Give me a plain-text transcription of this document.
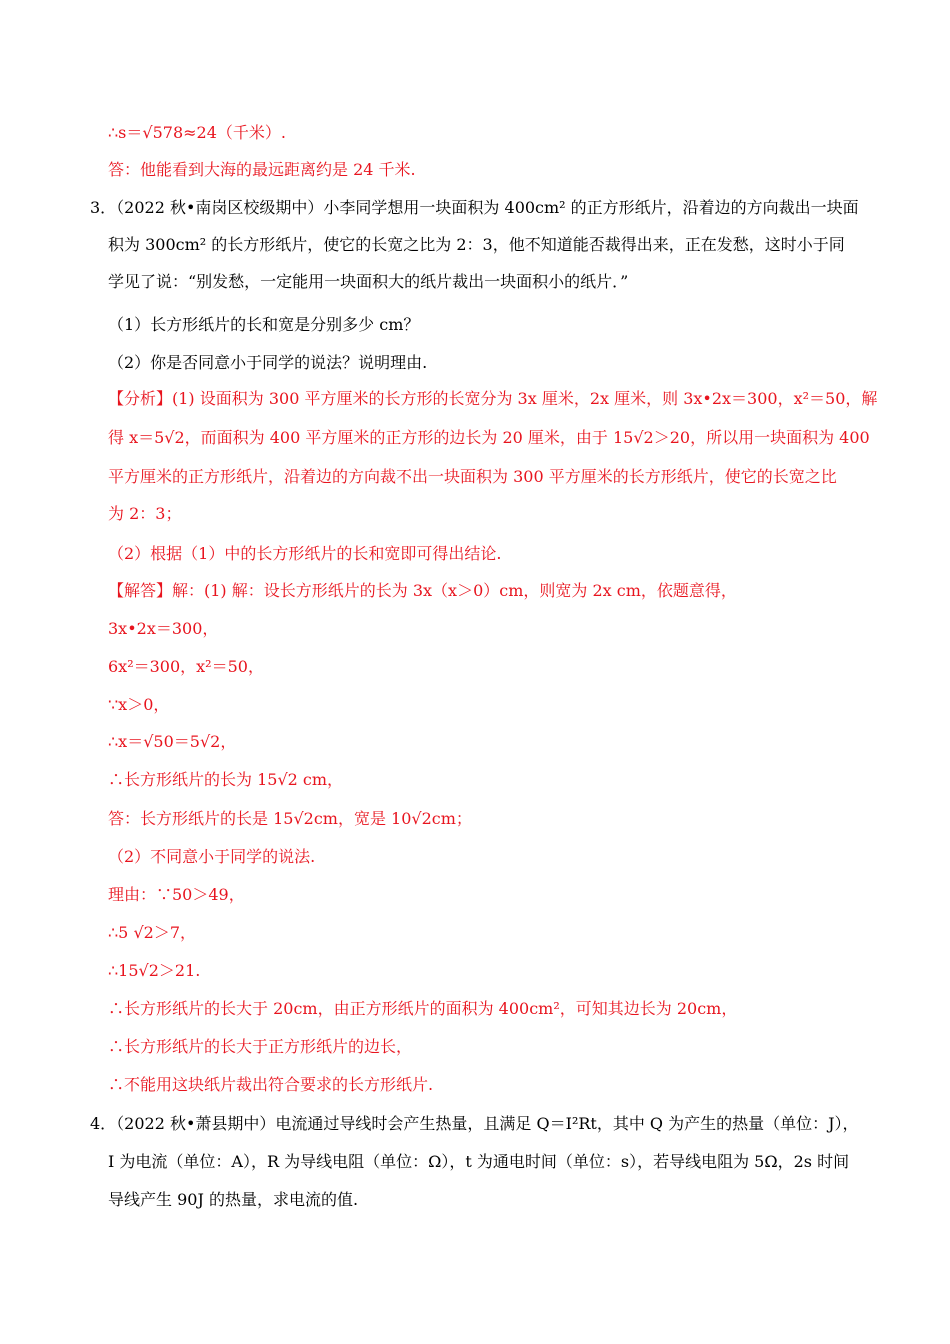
∴s＝√578≈24（千米）.
答：他能看到大海的最远距离约是 24 千米.
3．（2022 秋•南岗区校级期中）小李同学想用一块面积为 400cm² 的正方形纸片，沿着边的方向裁出一块面
积为 300cm² 的长方形纸片，使它的长宽之比为 2：3，他不知道能否裁得出来，正在发愁，这时小于同
学见了说：“别发愁，一定能用一块面积大的纸片裁出一块面积小的纸片．”
（1）长方形纸片的长和宽是分别多少 cm？
（2）你是否同意小于同学的说法？说明理由.
【分析】(1) 设面积为 300 平方厘米的长方形的长宽分为 3x 厘米，2x 厘米，则 3x•2x＝300，x²＝50，解
得 x＝5√2，而面积为 400 平方厘米的正方形的边长为 20 厘米，由于 15√2＞20，所以用一块面积为 400
平方厘米的正方形纸片，沿着边的方向裁不出一块面积为 300 平方厘米的长方形纸片，使它的长宽之比
为 2：3；
（2）根据（1）中的长方形纸片的长和宽即可得出结论.
【解答】解：(1) 解：设长方形纸片的长为 3x（x＞0）cm，则宽为 2x cm，依题意得，
3x•2x＝300，
6x²＝300，x²＝50，
∵x＞0，
∴x＝√50＝5√2，
∴长方形纸片的长为 15√2 cm，
答：长方形纸片的长是 15√2cm，宽是 10√2cm；
（2）不同意小于同学的说法.
理由：∵50＞49，
∴5 √2＞7，
∴15√2＞21.
∴长方形纸片的长大于 20cm，由正方形纸片的面积为 400cm²，可知其边长为 20cm，
∴长方形纸片的长大于正方形纸片的边长，
∴不能用这块纸片裁出符合要求的长方形纸片.
4．（2022 秋•萧县期中）电流通过导线时会产生热量，且满足 Q＝I²Rt，其中 Q 为产生的热量（单位：J），
I 为电流（单位：A），R 为导线电阻（单位：Ω），t 为通电时间（单位：s），若导线电阻为 5Ω，2s 时间
导线产生 90J 的热量，求电流的值.
